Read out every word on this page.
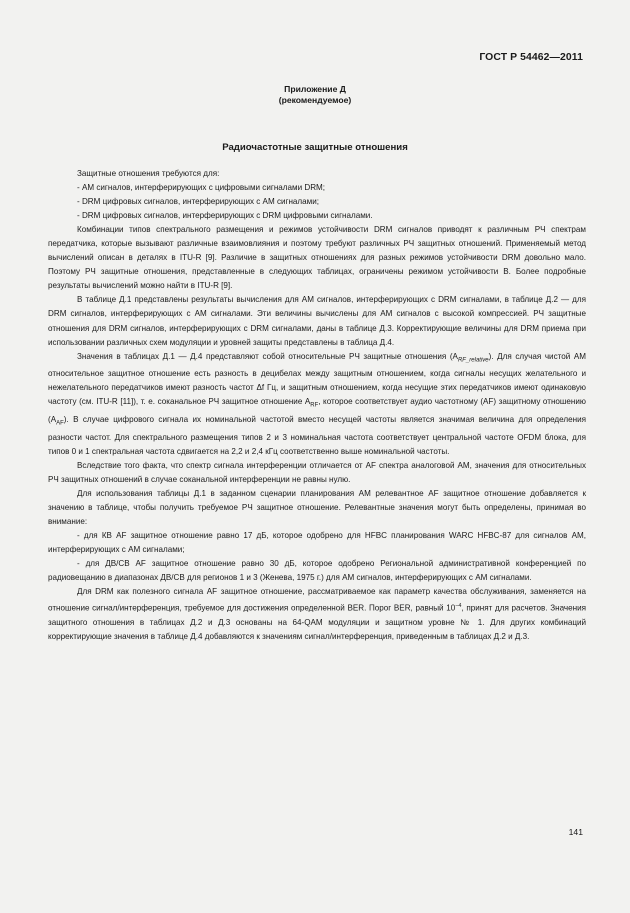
ГОСТ Р 54462—2011
Приложение Д
(рекомендуемое)
Радиочастотные защитные отношения

Защитные отношения требуются для:

- АМ сигналов, интерферирующих с цифровыми сигналами DRM;

- DRM цифровых сигналов, интерферирующих с АМ сигналами;

- DRM цифровых сигналов, интерферирующих с DRM цифровыми сигналами.

Комбинации типов спектрального размещения и режимов устойчивости DRM сигналов приводят к различным РЧ спектрам передатчика, которые вызывают различные взаимовлияния и поэтому требуют различных РЧ защитных отношений. Применяемый метод вычислений описан в деталях в ITU-R [9]. Различие в защитных отношениях для разных режимов устойчивости DRM довольно мало. Поэтому РЧ защитные отношения, представленные в следующих таблицах, ограничены режимом устойчивости В. Более подробные результаты вычислений можно найти в ITU-R [9].

В таблице Д.1 представлены результаты вычисления для АМ сигналов, интерферирующих с DRM сигналами, в таблице Д.2 — для DRM сигналов, интерферирующих с АМ сигналами. Эти величины вычислены для АМ сигналов с высокой компрессией. РЧ защитные отношения для DRM сигналов, интерферирующих с DRM сигналами, даны в таблице Д.3. Корректирующие величины для DRM приема при использовании различных схем модуляции и уровней защиты представлены в таблица Д.4.

Значения в таблицах Д.1 — Д.4 представляют собой относительные РЧ защитные отношения $(A_{RF\_relative})$. Для случая чистой АМ относительное защитное отношение есть разность в децибелах между защитным отношением, когда сигналы несущих желательного и нежелательного передатчиков имеют разность частот Δf Гц, и защитным отношением, когда несущие этих передатчиков имеют одинаковую частоту (см. ITU-R [11]), т. е. соканальное РЧ защитное отношение $A_{RF}$, которое соответствует аудио частотному (AF) защитному отношению $(A_{AF})$. В случае цифрового сигнала их номинальной частотой вместо несущей частоты является значимая величина для определения разности частот. Для спектрального размещения типов 2 и 3 номинальная частота соответствует центральной частоте OFDM блока, для типов 0 и 1 спектральная частота сдвигается на 2,2 и 2,4 кГц соответственно выше номинальной частоты.

Вследствие того факта, что спектр сигнала интерференции отличается от AF спектра аналоговой АМ, значения для относительных РЧ защитных отношений в случае соканальной интерференции не равны нулю.

Для использования таблицы Д.1 в заданном сценарии планирования АМ релевантное AF защитное отношение добавляется к значению в таблице, чтобы получить требуемое РЧ защитное отношение. Релевантные значения могут быть определены, принимая во внимание:

- для КВ AF защитное отношение равно 17 дБ, которое одобрено для HFBC планирования WARC HFBC-87 для сигналов АМ, интерферирующих с АМ сигналами;

- для ДВ/СВ AF защитное отношение равно 30 дБ, которое одобрено Региональной административной конференцией по радиовещанию в диапазонах ДВ/СВ для регионов 1 и 3 (Женева, 1975 г.) для АМ сигналов, интерферирующих с АМ сигналами.

Для DRM как полезного сигнала AF защитное отношение, рассматриваемое как параметр качества обслуживания, заменяется на отношение сигнал/интерференция, требуемое для достижения определенной BER. Порог BER, равный $10^{-4}$, принят для расчетов. Значения защитного отношения в таблицах Д.2 и Д.3 основаны на 64-QAM модуляции и защитном уровне № 1. Для других комбинаций корректирующие значения в таблице Д.4 добавляются к значениям сигнал/интерференция, приведенным в таблицах Д.2 и Д.3.

141
